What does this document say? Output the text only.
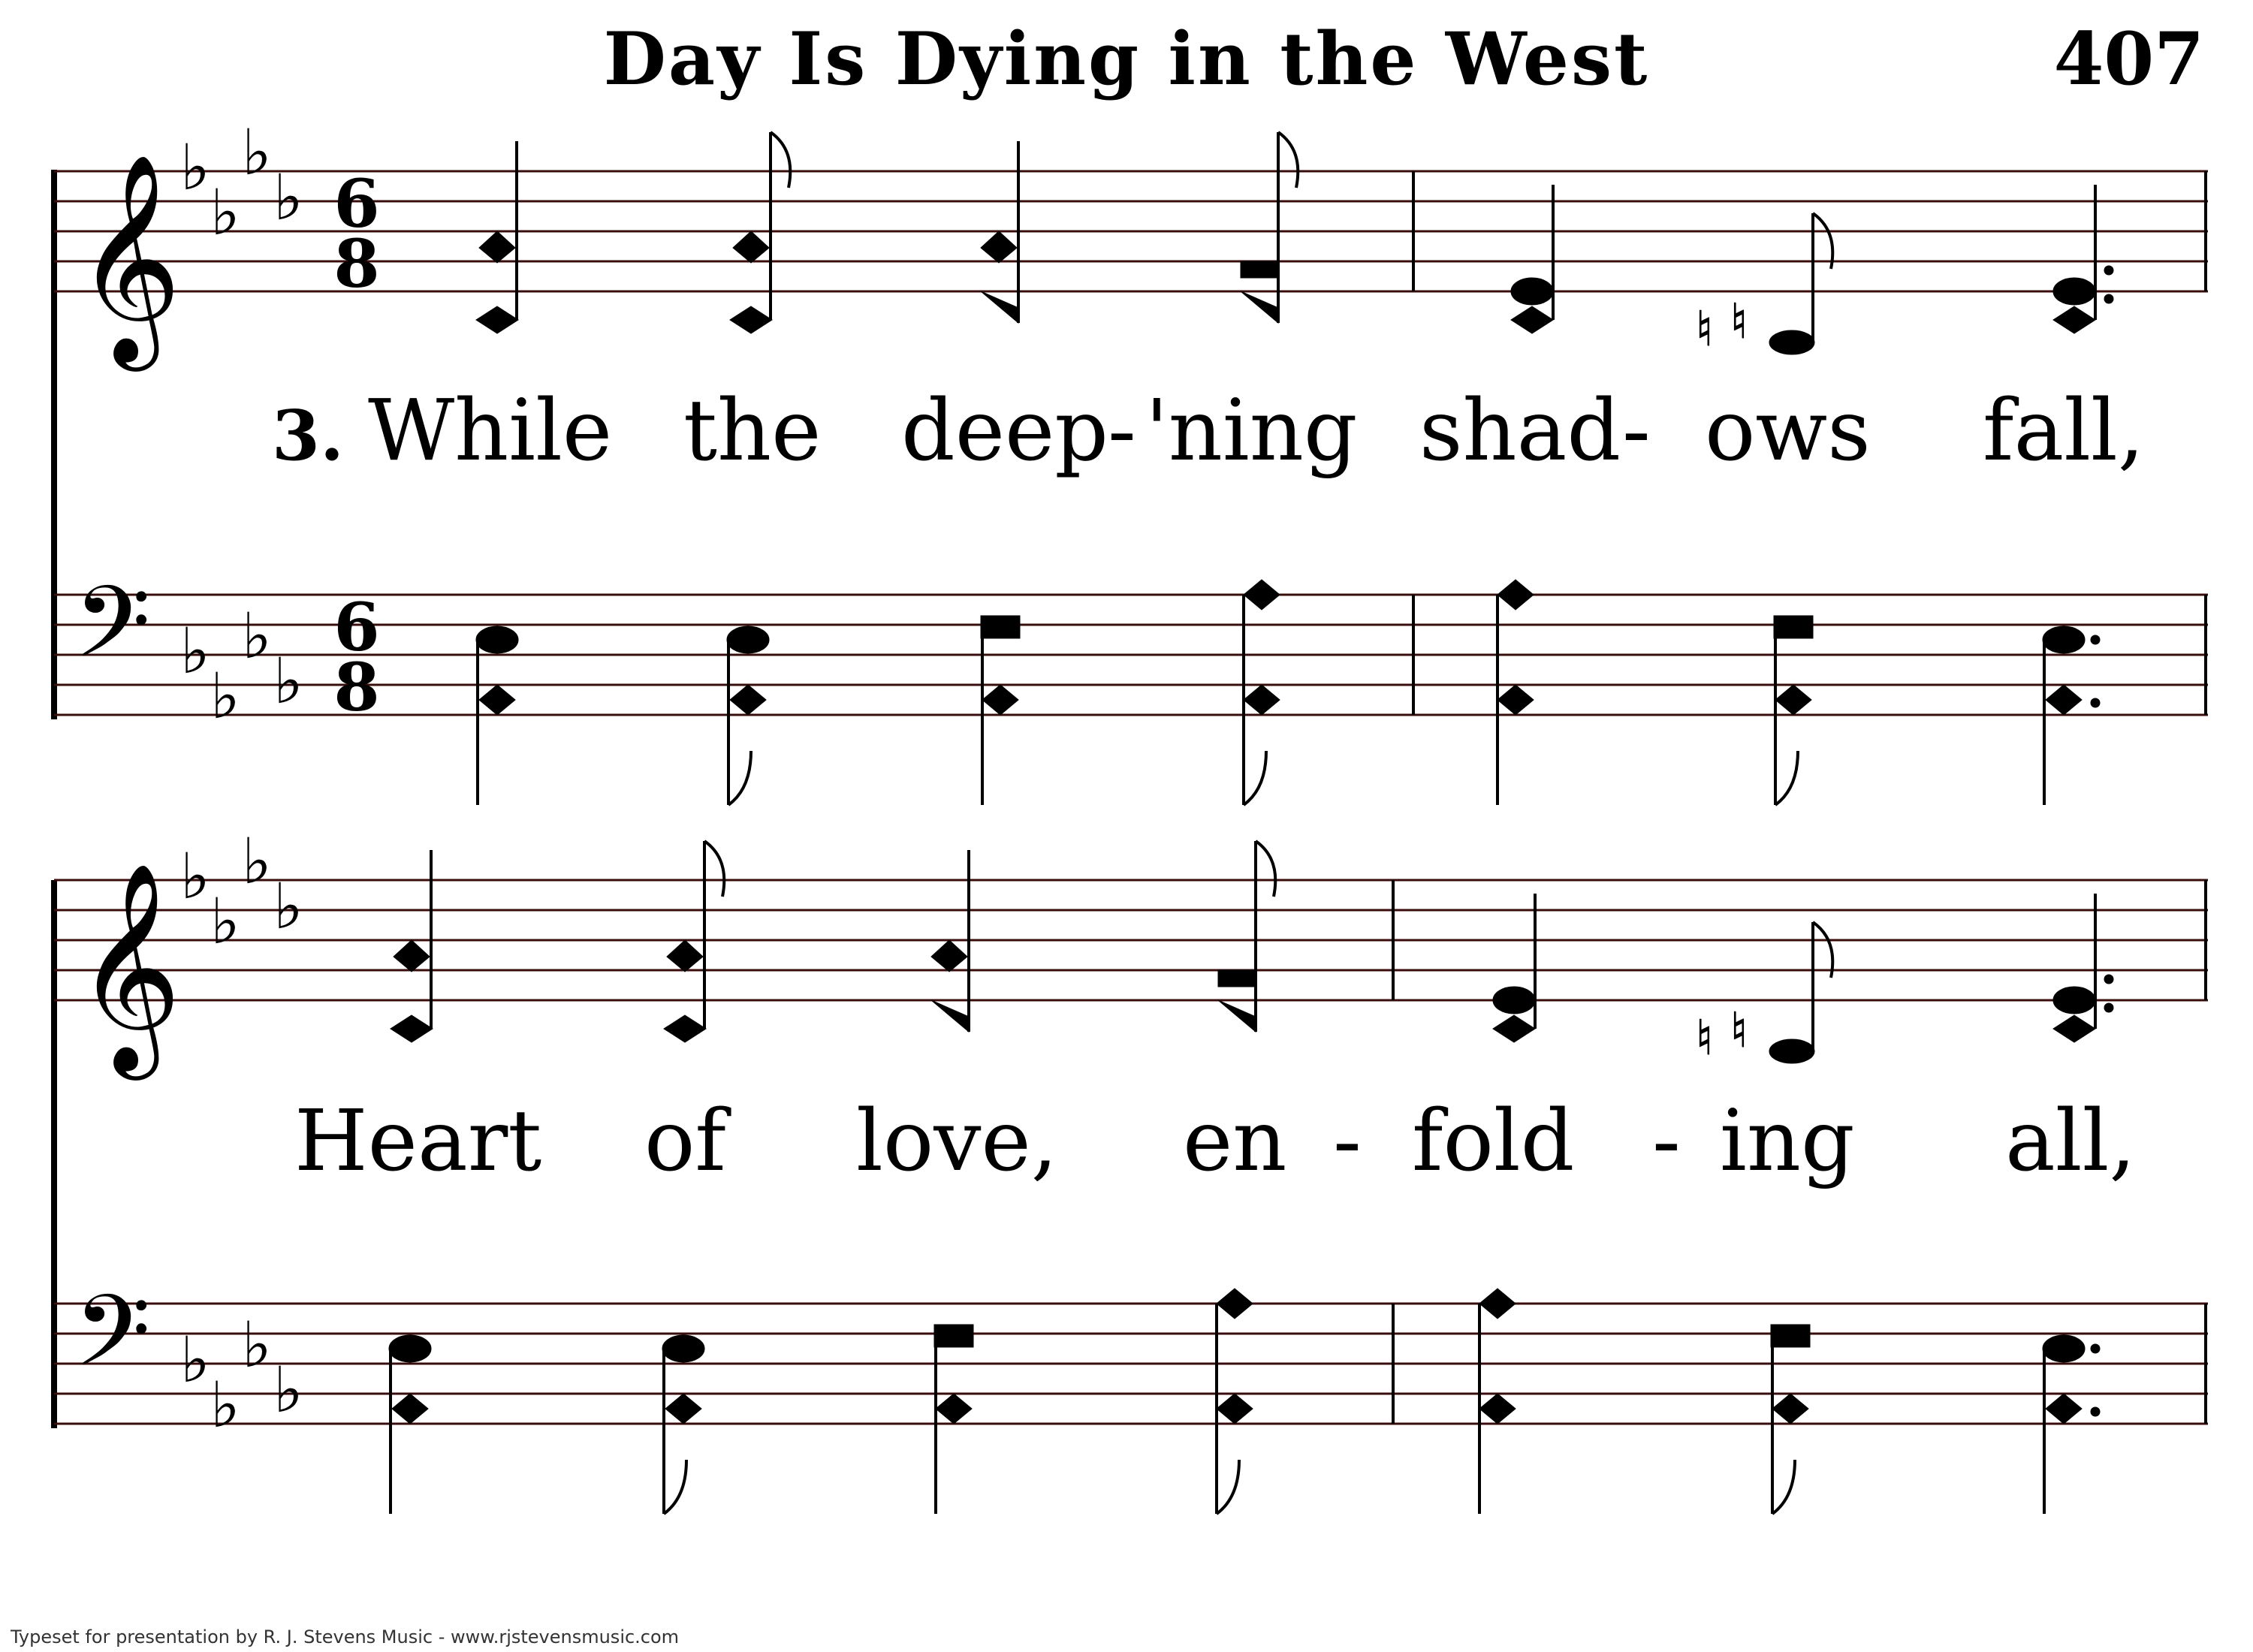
Day Is Dying in the West	407
𝄞
♭
♭
♭
♭ 6
8
♮ ♮
3. While the deep - 'ning shad - ows fall,
𝄢 ♭
♭
♭
♭
6
8
𝄞
♭
♭
♭
♭
♮ ♮
Heart of love, en - fold - ing all,
𝄢 ♭
♭
♭
♭
Typeset for presentation by R. J. Stevens Music - www.rjstevensmusic.com
